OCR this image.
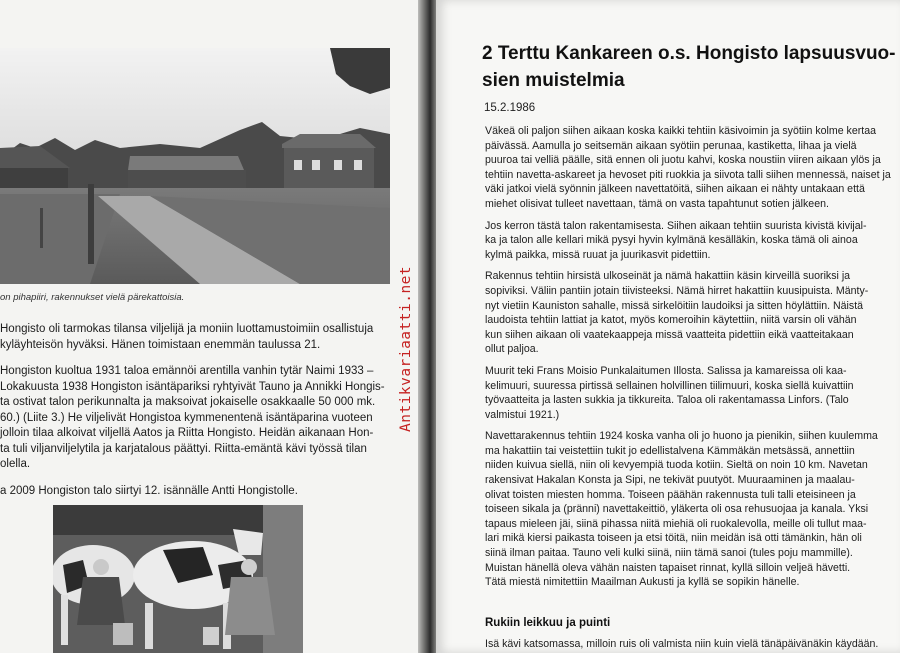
on pihapiiri, rakennukset vielä pärekattoisia.

Hongisto oli tarmokas tilansa viljelijä ja moniin luottamustoimiin osallistuja
kyläyhteisön hyväksi. Hänen toimistaan enemmän taulussa 21.

Hongiston kuoltua 1931 taloa emännöi arentilla vanhin tytär Naimi 1933 –
Lokakuusta 1938 Hongiston isäntäpariksi ryhtyivät Tauno ja Annikki Hongis-
ta ostivat talon perikunnalta ja maksoivat jokaiselle osakkaalle 50 000 mk.
60.) (Liite 3.) He viljelivät Hongistoa kymmenentenä isäntäparina vuoteen
jolloin tilaa alkoivat viljellä Aatos ja Riitta Hongisto. Heidän aikanaan Hon-
ta tuli viljanviljelytila ja karjatalous päättyi. Riitta-emäntä kävi työssä tilan
olella.

a 2009 Hongiston talo siirtyi 12. isännälle Antti Hongistolle.

Antikvariaatti.net
2 Terttu Kankareen o.s. Hongisto lapsuusvuo-
sien muistelmia
15.2.1986

Väkeä oli paljon siihen aikaan koska kaikki tehtiin käsivoimin ja syötiin kolme kertaa
päivässä. Aamulla jo seitsemän aikaan syötiin perunaa, kastiketta, lihaa ja vielä
puuroa tai velliä päälle, sitä ennen oli juotu kahvi, koska noustiin viiren aikaan ylös ja
tehtiin navetta-askareet ja hevoset piti ruokkia ja siivota talli siihen mennessä, naiset ja
väki jatkoi vielä syönnin jälkeen navettatöitä, siihen aikaan ei nähty untakaan että
miehet olisivat tulleet navettaan, tämä on vasta tapahtunut sotien jälkeen.

Jos kerron tästä talon rakentamisesta. Siihen aikaan tehtiin suurista kivistä kivijal-
ka ja talon alle kellari mikä pysyi hyvin kylmänä kesälläkin, koska tämä oli ainoa
kylmä paikka, missä ruuat ja juurikasvit pidettiin.

Rakennus tehtiin hirsistä ulkoseinät ja nämä hakattiin käsin kirveillä suoriksi ja
sopiviksi. Väliin pantiin jotain tiivisteeksi. Nämä hirret hakattiin kuusipuista. Mänty-
nyt vietiin Kauniston sahalle, missä sirkelöitiin laudoiksi ja sitten höylättiin. Näistä
laudoista tehtiin lattiat ja katot, myös komeroihin käytettiin, niitä varsin oli vähän
kun siihen aikaan oli vaatekaappeja missä vaatteita pidettiin eikä vaatteitakaan
ollut paljoa.

Muurit teki Frans Moisio Punkalaitumen Illosta. Salissa ja kamareissa oli kaa-
kelimuuri, suuressa pirtissä sellainen holvillinen tiilimuuri, koska siellä kuivattiin
työvaatteita ja lasten sukkia ja tikkureita. Taloa oli rakentamassa Linfors. (Talo
valmistui 1921.)

Navettarakennus tehtiin 1924 koska vanha oli jo huono ja pienikin, siihen kuulemma
ma hakattiin tai veistettiin tukit jo edellistalvena Kämmäkän metsässä, annettiin
niiden kuivua siellä, niin oli kevyempiä tuoda kotiin. Sieltä on noin 10 km. Navetan
rakensivat Hakalan Konsta ja Sipi, ne tekivät puutyöt. Muuraaminen ja maalau-
olivat toisten miesten homma. Toiseen päähän rakennusta tuli talli eteisineen ja
toiseen sikala ja (pränni) navettakeittiö, yläkerta oli osa rehusuojaa ja kanala. Yksi
tapaus mieleen jäi, siinä pihassa niitä miehiä oli ruokalevolla, meille oli tullut maa-
lari mikä kiersi paikasta toiseen ja etsi töitä, niin meidän isä otti tämänkin, hän oli
siinä ilman paitaa. Tauno veli kulki siinä, niin tämä sanoi (tules poju mammille).
Muistan hänellä oleva vähän naisten tapaiset rinnat, kyllä silloin veljeä hävetti.
Tätä miestä nimitettiin Maailman Aukusti ja kyllä se sopikin hänelle.

Rukiin leikkuu ja puinti
Isä kävi katsomassa, milloin ruis oli valmista niin kuin vielä tänäpäivänäkin käydään.
